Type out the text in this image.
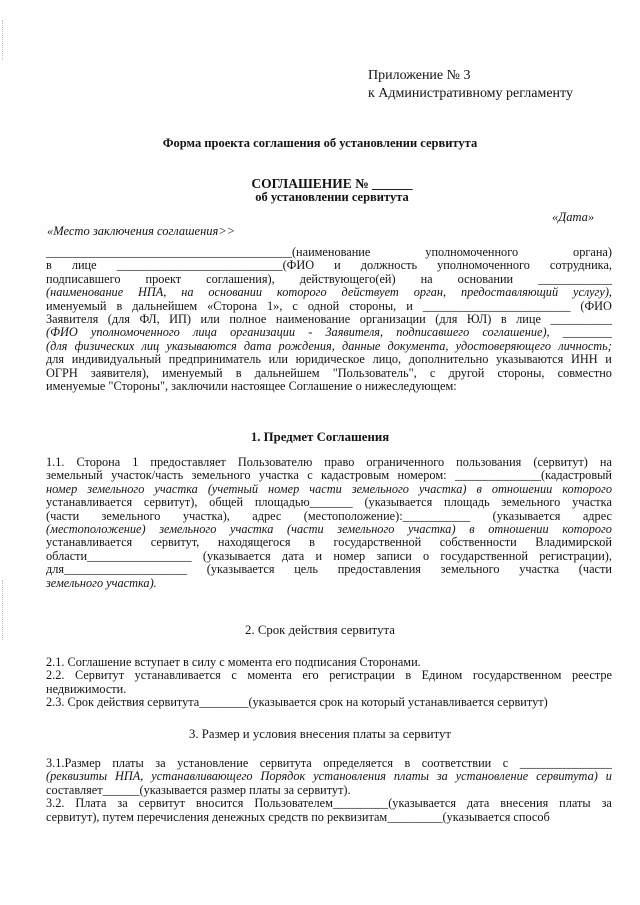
Приложение № 3
к Административному регламенту
Форма проекта соглашения об установлении сервитута
СОГЛАШЕНИЕ № ______
об установлении сервитута
«Дата»
«Место заключения соглашения>>
________________________________________(наименование	уполномоченного	органа)
в лице ___________________________(ФИО и должность уполномоченного сотрудника,
подписавшего проект соглашения), действующего(ей) на основании ____________
(наименование НПА, на основании которого действует орган, предоставляющий услугу),
именуемый в дальнейшем «Сторона 1», с одной стороны, и ________________________ (ФИО
Заявителя (для ФЛ, ИП) или полное наименование организации (для ЮЛ) в лице __________
(ФИО уполномоченного лица организации - Заявителя, подписавшего соглашение), ________
(для физических лиц указываются дата рождения, данные документа, удостоверяющего личность;
для индивидуальный предприниматель или юридическое лицо, дополнительно указываются ИНН и
ОГРН заявителя), именуемый в дальнейшем "Пользователь", с другой стороны, совместно
именуемые "Стороны", заключили настоящее Соглашение о нижеследующем:
1. Предмет Соглашения
1.1. Сторона 1 предоставляет Пользователю право ограниченного пользования (сервитут) на
земельный участок/часть земельного участка с кадастровым номером: ______________(кадастровый
номер земельного участка (учетный номер части земельного участка) в отношении которого
устанавливается сервитут), общей площадью_______ (указывается площадь земельного участка
(части земельного участка), адрес (местоположение):___________ (указывается адрес
(местоположение) земельного участка (части земельного участка) в отношении которого
устанавливается сервитут, находящегося в государственной собственности Владимирской
области_________________ (указывается дата и номер записи о государственной регистрации),
для____________________ (указывается цель предоставления земельного участка (части
земельного участка).
2. Срок действия сервитута
2.1. Соглашение вступает в силу с момента его подписания Сторонами.
2.2. Сервитут устанавливается с момента его регистрации в Едином государственном реестре
недвижимости.
2.3. Срок действия сервитута________(указывается срок на который устанавливается сервитут)
3. Размер и условия внесения платы за сервитут
3.1.Размер платы за установление сервитута определяется в соответствии с _______________
(реквизиты НПА, устанавливающего Порядок установления платы за установление сервитута) и
составляет______(указывается размер платы за сервитут).
3.2. Плата за сервитут вносится Пользователем_________(указывается дата внесения платы за
сервитут), путем перечисления денежных средств по реквизитам_________(указывается способ
